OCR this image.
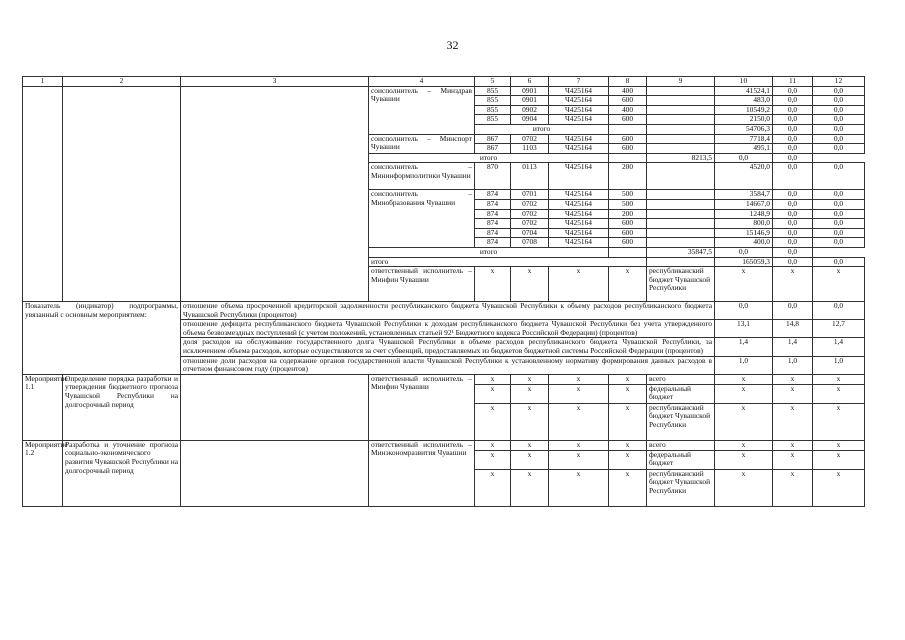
32
1	2	3	4	5	6	7	8	9	10	11	12
			соисполнитель – Минздрав Чувашии	855	0901	Ч425164	400		41524,1	0,0	0,0
				855	0901	Ч425164	600		483,0	0,0	0,0
				855	0902	Ч425164	400		10549,2	0,0	0,0
				855	0904	Ч425164	600		2150,0	0,0	0,0
				итого					54706,3	0,0	0,0
			соисполнитель – Минспорт Чувашии	867	0702	Ч425164	600		7718,4	0,0	0,0
				867	1103	Ч425164	600		495,1	0,0	0,0
			итого					8213,5	0,0	0,0	
			соисполнитель – Мининформполитики Чувашии	870	0113	Ч425164	200		4520,0	0,0	0,0
			соисполнитель – Минобразования Чувашии	874	0701	Ч425164	500		3584,7	0,0	0,0
				874	0702	Ч425164	500		14667,0	0,0	0,0
				874	0702	Ч425164	200		1248,9	0,0	0,0
				874	0702	Ч425164	600		800,0	0,0	0,0
				874	0704	Ч425164	600		15146,9	0,0	0,0
				874	0708	Ч425164	600		400,0	0,0	0,0
			итого					35847,5	0,0	0,0	
			итого						165059,3	0,0	0,0
			ответственный исполнитель – Минфин Чувашии	x	x	x	x	республиканский бюджет Чувашской Республики	x	x	x
Показатель (индикатор) подпрограммы, увязанный с основным мероприятием:		отношение объема просроченной кредиторской задолженности республиканского бюджета Чувашской Республики к объему расходов республиканского бюджета Чувашской Республики (процентов)							0,0	0,0	0,0
		отношение дефицита республиканского бюджета Чувашской Республики к доходам республиканского бюджета Чувашской Республики без учета утвержденного объема безвозмездных поступлений (с учетом положений, установленных статьей 92¹ Бюджетного кодекса Российской Федерации) (процентов)							13,1	14,8	12,7
		доля расходов на обслуживание государственного долга Чувашской Республики в объеме расходов республиканского бюджета Чувашской Республики, за исключением объема расходов, которые осуществляются за счет субвенций, предоставляемых из бюджетов бюджетной системы Российской Федерации (процентов)							1,4	1,4	1,4
		отношение доли расходов на содержание органов государственной власти Чувашской Республики к установленному нормативу формирования данных расходов в отчетном финансовом году (процентов)							1,0	1,0	1,0
Мероприятие 1.1	Определение порядка разработки и утверждения бюджетного прогноза Чувашской Республики на долгосрочный период		ответственный исполнитель – Минфин Чувашии	x	x	x	x	всего	x	x	x
				x	x	x	x	федеральный бюджет	x	x	x
				x	x	x	x	республиканский бюджет Чувашской Республики	x	x	x
Мероприятие 1.2	Разработка и уточнение прогноза социально-экономического развития Чувашской Республики на долгосрочный период		ответственный исполнитель – Минэкономразвития Чувашии	x	x	x	x	всего	x	x	x
				x	x	x	x	федеральный бюджет	x	x	x
				x	x	x	x	республиканский бюджет Чувашской Республики	x	x	x
